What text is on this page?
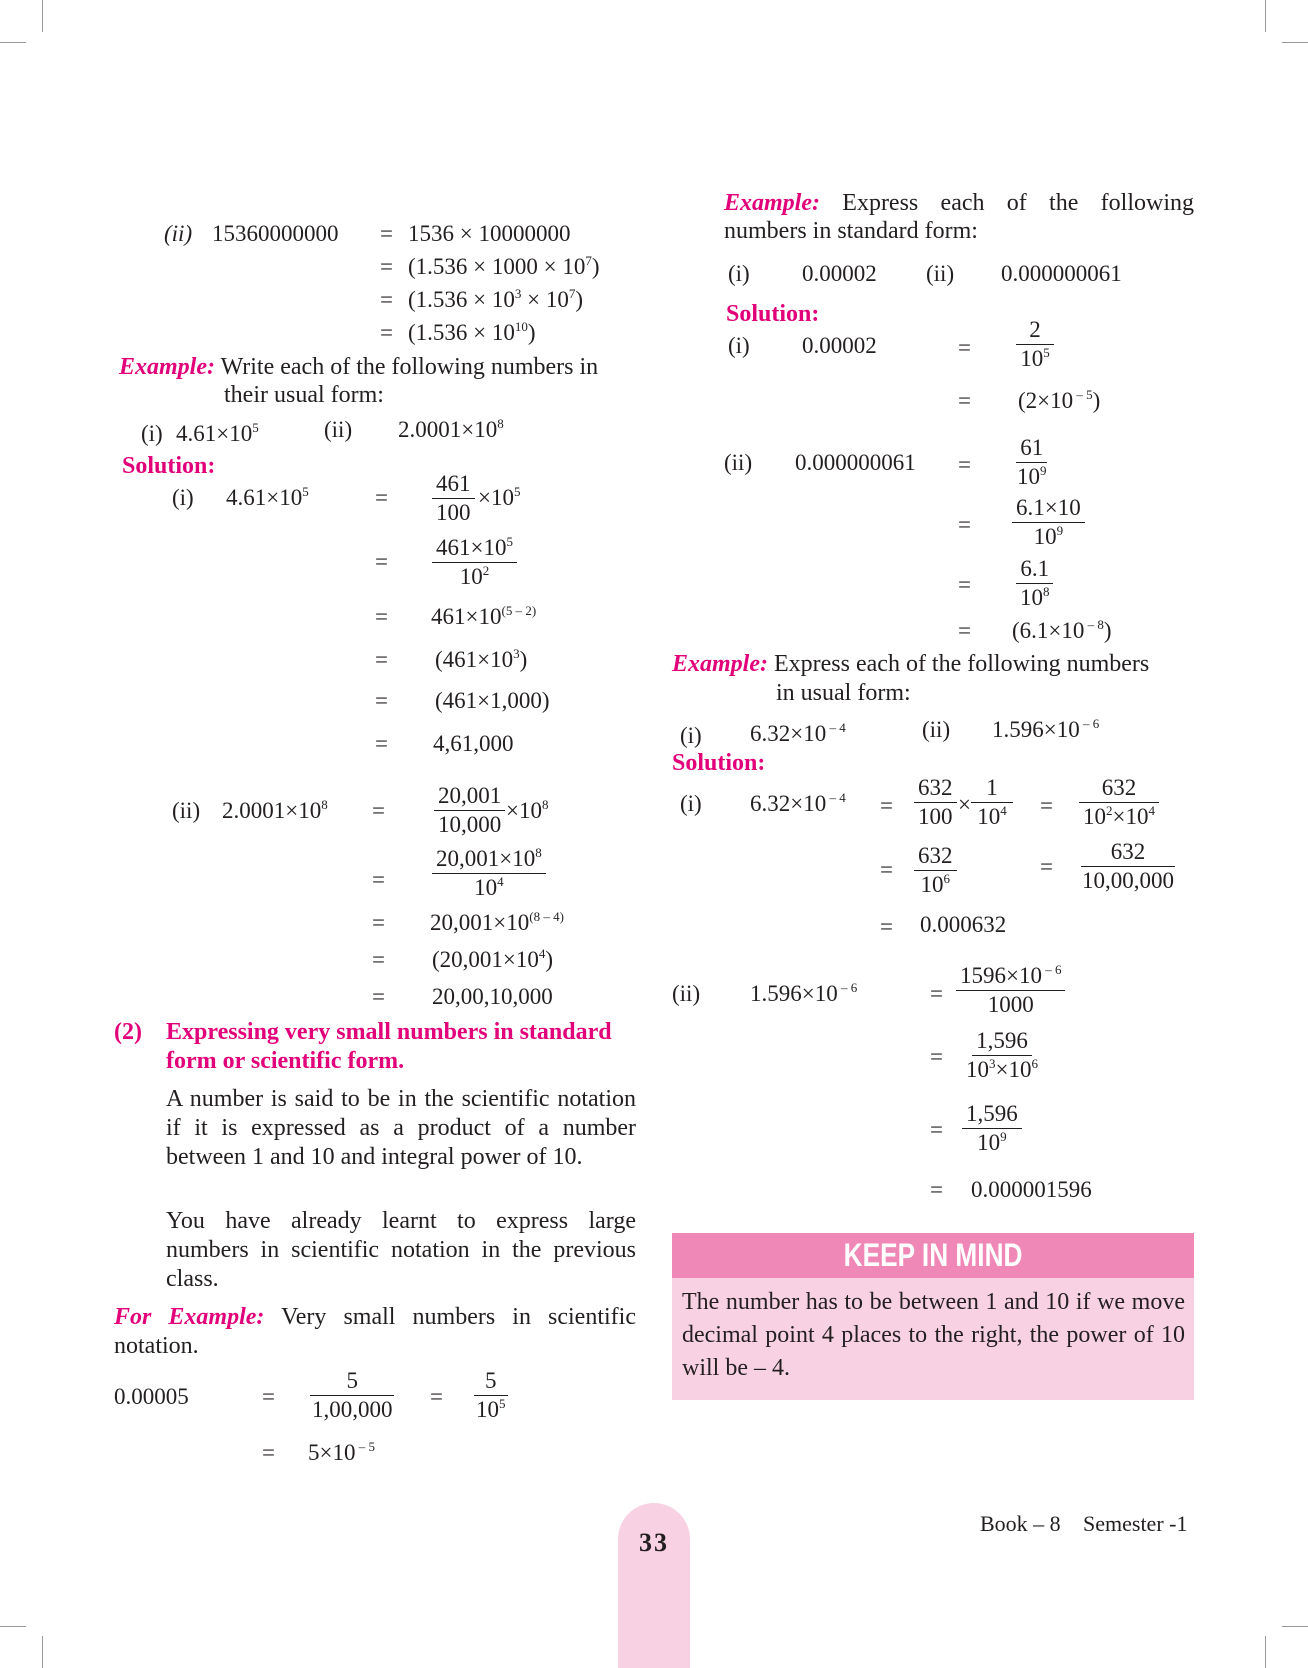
(ii) 15360000000 = 1536 × 10000000
= $(1.536 \times 1000 \times 10^7)$
= $(1.536 \times 10^3 \times 10^7)$
= $(1.536 \times 10^{10})$
Example: Write each of the following numbers in
their usual form:
(i) $4.61\times 10^5$	(ii) $2.0001\times 10^8$
Solution:
(i) $4.61\times 10^5$	= $\frac{461}{100} \times 10^5$
= $\frac{461\times 10^5}{10^2}$
= $461\times 10^{(5 - 2)}$
= $(461\times 10^3)$
= (461×1,000)
= 4,61,000
(ii) $2.0001\times 10^8 = \frac{20,001}{10,000} \times 10^8$
= $\frac{20,001\times 10^8}{10^4}$
= $20,001\times 10^{(8 - 4)}$
= $(20,001\times 10^4)$
= 20,00,10,000
(2) Expressing very small numbers in standard
form or scientific form.
A number is said to be in the scientific notation if it is expressed as a product of a number between 1 and 10 and integral power of 10.
You have already learnt to express large numbers in scientific notation in the previous class.
For Example: Very small numbers in scientific notation.
0.00005	= $\frac{5}{1,00,000} = \frac{5}{10^5}$
= 5×10 $^{- 5}$
Example: Express each of the following numbers in standard form:
(i) 0.00002 (ii) 0.000000061
Solution:
(i) 0.00002	= $\frac{2}{10^5}$
= (2×10 $^{- 5}$)
(ii) $0.000000061 = \frac{61}{10^9}$
= $\frac{6.1\times 10}{10^9}$
= $\frac{6.1}{10^8}$
= (6.1×10 $^{- 8}$)
Example: Express each of the following numbers
in usual form:
(i) 6.32×10 $^{- 4}$	(ii) 1.596×10 $^{- 6}$
Solution:
(i) 6.32×10 $^{- 4} = \frac{632}{100} \times \frac{1}{10^4} = \frac{632}{10^2\times 10^4}$
= $\frac{632}{10^6}$	= $\frac{632}{10,00,000}$
= 0.000632
(ii) 1.596×10 $^{- 6}$	= $\frac{1596\times 10 ^{- 6}}{1000}$
= $\frac{1,596}{10^3\times 10^6}$
= $\frac{1,596}{10^9}$
= 0.000001596
KEEP IN MIND
The number has to be between 1 and 10 if we move decimal point 4 places to the right, the power of 10 will be – 4.
33
Book – 8 Semester -1
